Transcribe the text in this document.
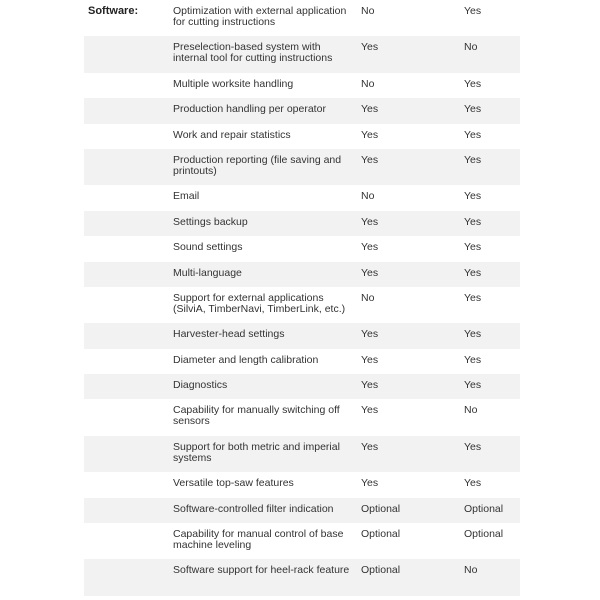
Software:	Optimization with external application for cutting instructions	No	Yes
	Preselection-based system with internal tool for cutting instructions	Yes	No
	Multiple worksite handling	No	Yes
	Production handling per operator	Yes	Yes
	Work and repair statistics	Yes	Yes
	Production reporting (file saving and printouts)	Yes	Yes
	Email	No	Yes
	Settings backup	Yes	Yes
	Sound settings	Yes	Yes
	Multi-language	Yes	Yes
	Support for external applications (SilviA, TimberNavi, TimberLink, etc.)	No	Yes
	Harvester-head settings	Yes	Yes
	Diameter and length calibration	Yes	Yes
	Diagnostics	Yes	Yes
	Capability for manually switching off sensors	Yes	No
	Support for both metric and imperial systems	Yes	Yes
	Versatile top-saw features	Yes	Yes
	Software-controlled filter indication	Optional	Optional
	Capability for manual control of base machine leveling	Optional	Optional
	Software support for heel-rack feature	Optional	No
